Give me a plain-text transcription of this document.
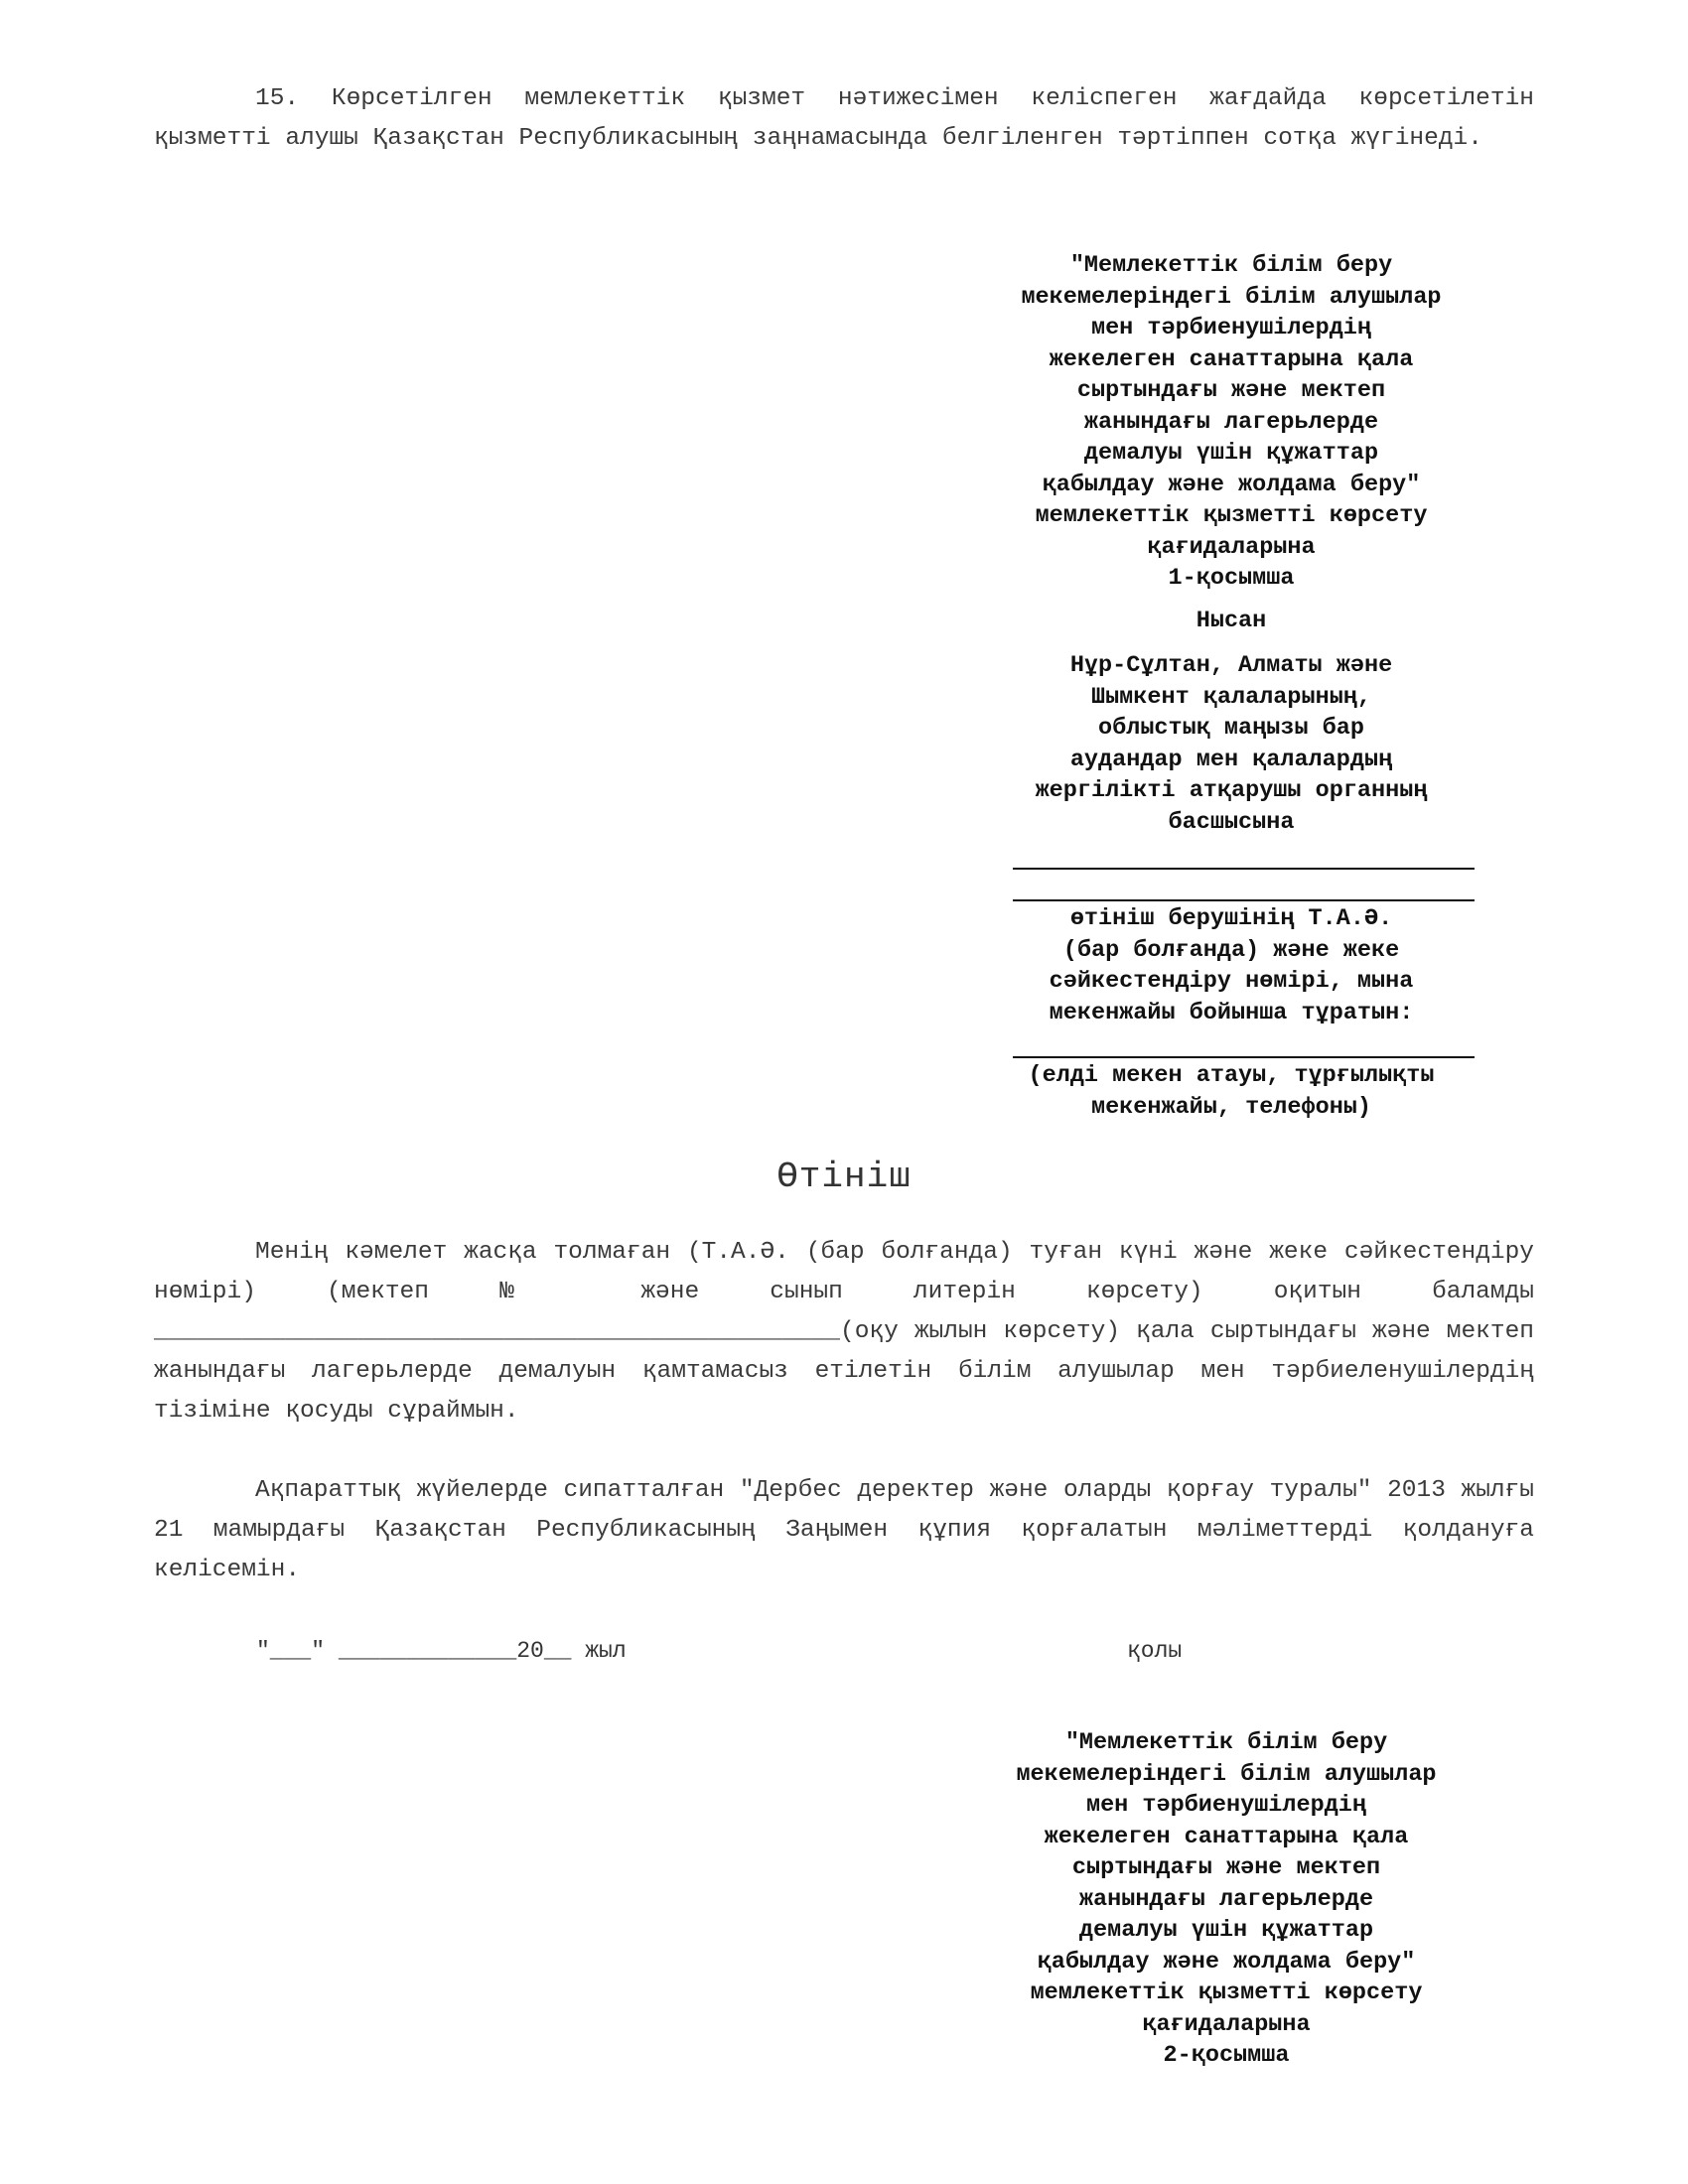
15. Көрсетілген мемлекеттік қызмет нәтижесімен келіспеген жағдайда көрсетілетін қызметті алушы Қазақстан Республикасының заңнамасында белгіленген тәртіппен сотқа жүгінеді.

"Мемлекеттік білім беру
мекемелеріндегі білім алушылар
мен тәрбиенушілердің
жекелеген санаттарына қала
сыртындағы және мектеп
жанындағы лагерьлерде
демалуы үшін құжаттар
қабылдау және жолдама беру"
мемлекеттік қызметті көрсету
қағидаларына
1-қосымша
Нысан
Нұр-Сұлтан, Алматы және
Шымкент қалаларының,
облыстық маңызы бар
аудандар мен қалалардың
жергілікті атқарушы органның
басшысына
өтініш берушінің Т.А.Ә.
(бар болғанда) және жеке
сәйкестендіру нөмірі, мына
мекенжайы бойынша тұратын:
(елді мекен атауы, тұрғылықты
мекенжайы, телефоны)
Өтініш

Менің кәмелет жасқа толмаған (Т.А.Ә. (бар болғанда) туған күні және жеке сәйкестендіру нөмірі) (мектеп № және сынып литерін көрсету) оқитын баламды _______________________________________________(оқу жылын көрсету) қала сыртындағы және мектеп жанындағы лагерьлерде демалуын қамтамасыз етілетін білім алушылар мен тәрбиеленушілердің тізіміне қосуды сұраймын.

Ақпараттық жүйелерде сипатталған "Дербес деректер және оларды қорғау туралы" 2013 жылғы 21 мамырдағы Қазақстан Республикасының Заңымен құпия қорғалатын мәліметтерді қолдануға келісемін.

"___" _____________20__ жыл	қолы
"Мемлекеттік білім беру
мекемелеріндегі білім алушылар
мен тәрбиенушілердің
жекелеген санаттарына қала
сыртындағы және мектеп
жанындағы лагерьлерде
демалуы үшін құжаттар
қабылдау және жолдама беру"
мемлекеттік қызметті көрсету
қағидаларына
2-қосымша
